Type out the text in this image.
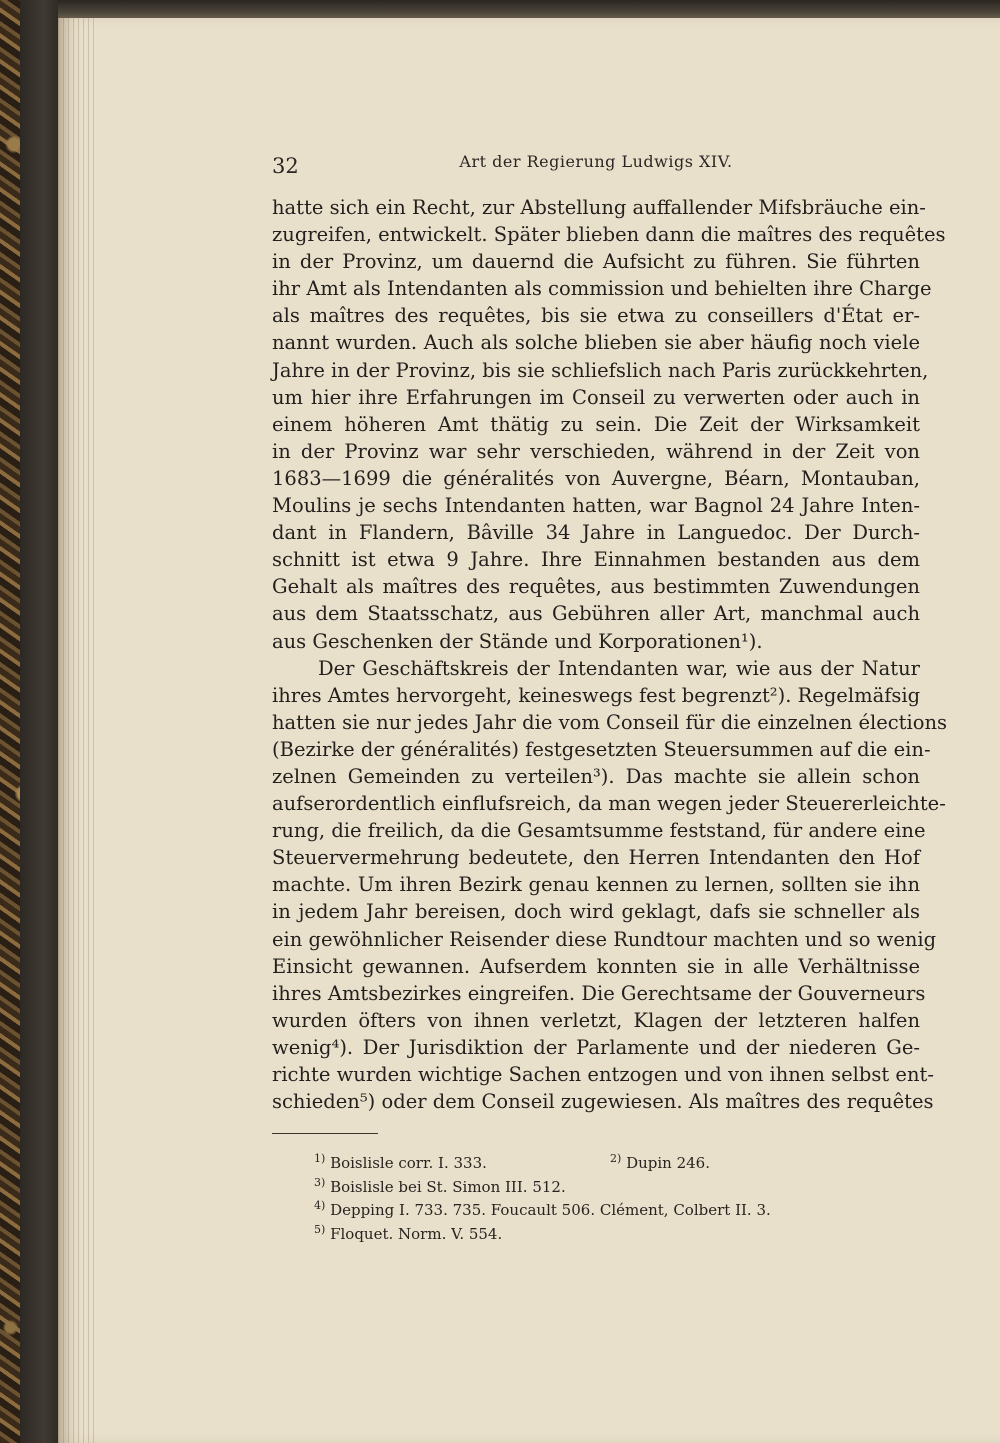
32	Art der Regierung Ludwigs XIV.
hatte sich ein Recht, zur Abstellung auffallender Mifsbräuche ein-
zugreifen, entwickelt. Später blieben dann die maîtres des requêtes
in der Provinz, um dauernd die Aufsicht zu führen. Sie führten
ihr Amt als Intendanten als commission und behielten ihre Charge
als maîtres des requêtes, bis sie etwa zu conseillers d'État er-
nannt wurden. Auch als solche blieben sie aber häufig noch viele
Jahre in der Provinz, bis sie schliefslich nach Paris zurückkehrten,
um hier ihre Erfahrungen im Conseil zu verwerten oder auch in
einem höheren Amt thätig zu sein. Die Zeit der Wirksamkeit
in der Provinz war sehr verschieden, während in der Zeit von
1683—1699 die généralités von Auvergne, Béarn, Montauban,
Moulins je sechs Intendanten hatten, war Bagnol 24 Jahre Inten-
dant in Flandern, Bâville 34 Jahre in Languedoc. Der Durch-
schnitt ist etwa 9 Jahre. Ihre Einnahmen bestanden aus dem
Gehalt als maîtres des requêtes, aus bestimmten Zuwendungen
aus dem Staatsschatz, aus Gebühren aller Art, manchmal auch
aus Geschenken der Stände und Korporationen¹).
Der Geschäftskreis der Intendanten war, wie aus der Natur
ihres Amtes hervorgeht, keineswegs fest begrenzt²). Regelmäfsig
hatten sie nur jedes Jahr die vom Conseil für die einzelnen élections
(Bezirke der généralités) festgesetzten Steuersummen auf die ein-
zelnen Gemeinden zu verteilen³). Das machte sie allein schon
aufserordentlich einflufsreich, da man wegen jeder Steuererleichte-
rung, die freilich, da die Gesamtsumme feststand, für andere eine
Steuervermehrung bedeutete, den Herren Intendanten den Hof
machte. Um ihren Bezirk genau kennen zu lernen, sollten sie ihn
in jedem Jahr bereisen, doch wird geklagt, dafs sie schneller als
ein gewöhnlicher Reisender diese Rundtour machten und so wenig
Einsicht gewannen. Aufserdem konnten sie in alle Verhältnisse
ihres Amtsbezirkes eingreifen. Die Gerechtsame der Gouverneurs
wurden öfters von ihnen verletzt, Klagen der letzteren halfen
wenig⁴). Der Jurisdiktion der Parlamente und der niederen Ge-
richte wurden wichtige Sachen entzogen und von ihnen selbst ent-
schieden⁵) oder dem Conseil zugewiesen. Als maîtres des requêtes
$^{1)}$ Boislisle corr. I. 333.	$^{2)}$ Dupin 246.
$^{3)}$ Boislisle bei St. Simon III. 512.
$^{4)}$ Depping I. 733. 735. Foucault 506. Clément, Colbert II. 3.
$^{5)}$ Floquet. Norm. V. 554.
